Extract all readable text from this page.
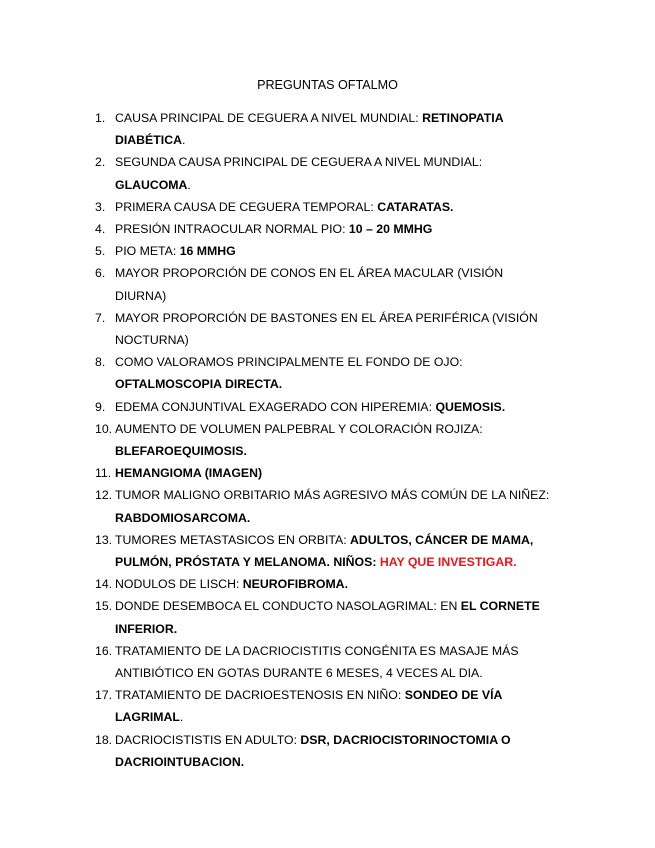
PREGUNTAS OFTALMO
1. CAUSA PRINCIPAL DE CEGUERA A NIVEL MUNDIAL: RETINOPATIA
DIABÉTICA.
2. SEGUNDA CAUSA PRINCIPAL DE CEGUERA A NIVEL MUNDIAL:
GLAUCOMA.
3. PRIMERA CAUSA DE CEGUERA TEMPORAL: CATARATAS.
4. PRESIÓN INTRAOCULAR NORMAL PIO: 10 – 20 MMHG
5. PIO META: 16 MMHG
6. MAYOR PROPORCIÓN DE CONOS EN EL ÁREA MACULAR (VISIÓN
DIURNA)
7. MAYOR PROPORCIÓN DE BASTONES EN EL ÁREA PERIFÉRICA (VISIÓN
NOCTURNA)
8. COMO VALORAMOS PRINCIPALMENTE EL FONDO DE OJO:
OFTALMOSCOPIA DIRECTA.
9. EDEMA CONJUNTIVAL EXAGERADO CON HIPEREMIA: QUEMOSIS.
10. AUMENTO DE VOLUMEN PALPEBRAL Y COLORACIÓN ROJIZA:
BLEFAROEQUIMOSIS.
11. HEMANGIOMA (IMAGEN)
12. TUMOR MALIGNO ORBITARIO MÁS AGRESIVO MÁS COMÚN DE LA NIÑEZ:
RABDOMIOSARCOMA.
13. TUMORES METASTASICOS EN ORBITA: ADULTOS, CÁNCER DE MAMA,
PULMÓN, PRÓSTATA Y MELANOMA. NIÑOS: HAY QUE INVESTIGAR.
14. NODULOS DE LISCH: NEUROFIBROMA.
15. DONDE DESEMBOCA EL CONDUCTO NASOLAGRIMAL: EN EL CORNETE
INFERIOR.
16. TRATAMIENTO DE LA DACRIOCISTITIS CONGÉNITA ES MASAJE MÁS
ANTIBIÓTICO EN GOTAS DURANTE 6 MESES, 4 VECES AL DIA.
17. TRATAMIENTO DE DACRIOESTENOSIS EN NIÑO: SONDEO DE VÍA
LAGRIMAL.
18. DACRIOCISTISTIS EN ADULTO: DSR, DACRIOCISTORINOCTOMIA O
DACRIOINTUBACION.
